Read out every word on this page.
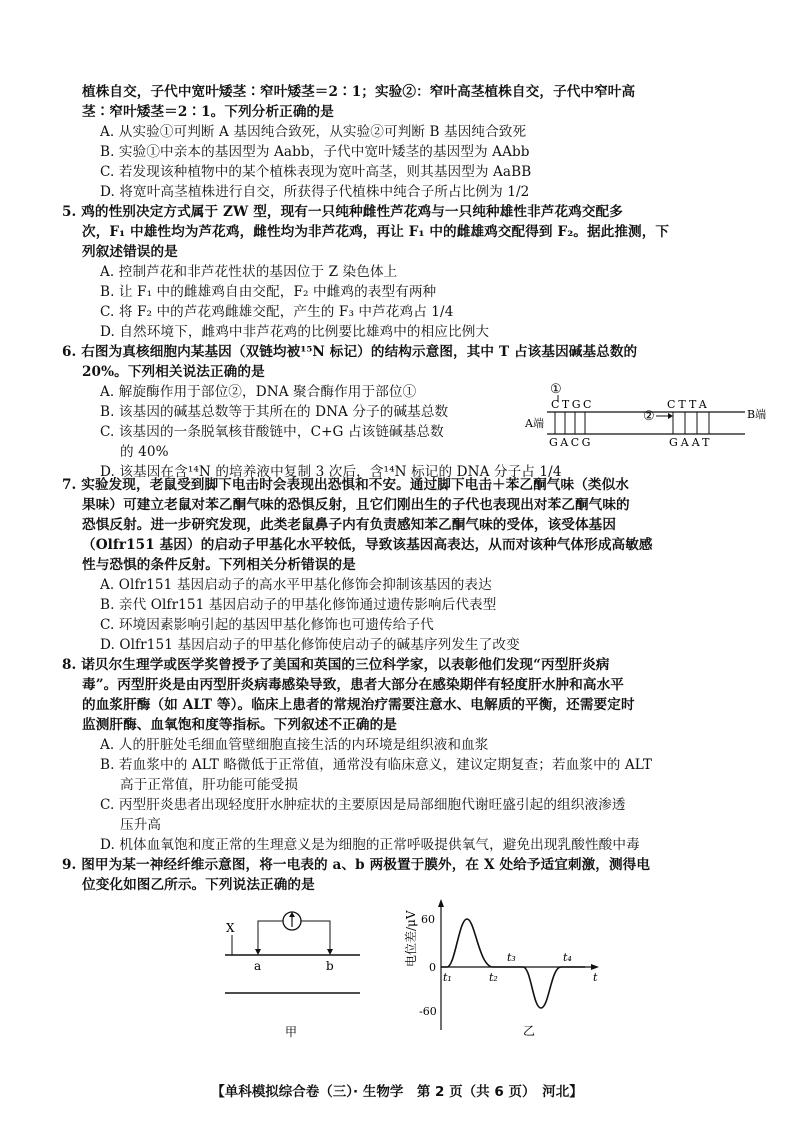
植株自交，子代中宽叶矮茎∶窄叶矮茎＝2∶1；实验②：窄叶高茎植株自交，子代中窄叶高
茎∶窄叶矮茎＝2∶1。下列分析正确的是
A. 从实验①可判断 A 基因纯合致死，从实验②可判断 B 基因纯合致死
B. 实验①中亲本的基因型为 Aabb，子代中宽叶矮茎的基因型为 AAbb
C. 若发现该种植物中的某个植株表现为宽叶高茎，则其基因型为 AaBB
D. 将宽叶高茎植株进行自交，所获得子代植株中纯合子所占比例为 1/2
5. 鸡的性别决定方式属于 ZW 型，现有一只纯种雌性芦花鸡与一只纯种雄性非芦花鸡交配多
次，F₁ 中雄性均为芦花鸡，雌性均为非芦花鸡，再让 F₁ 中的雌雄鸡交配得到 F₂。据此推测，下
列叙述错误的是
A. 控制芦花和非芦花性状的基因位于 Z 染色体上
B. 让 F₁ 中的雌雄鸡自由交配，F₂ 中雌鸡的表型有两种
C. 将 F₂ 中的芦花鸡雌雄交配，产生的 F₃ 中芦花鸡占 1/4
D. 自然环境下，雌鸡中非芦花鸡的比例要比雄鸡中的相应比例大
6. 右图为真核细胞内某基因（双链均被¹⁵N 标记）的结构示意图，其中 T 占该基因碱基总数的
20%。下列相关说法正确的是
A. 解旋酶作用于部位②，DNA 聚合酶作用于部位①
B. 该基因的碱基总数等于其所在的 DNA 分子的碱基总数
C. 该基因的一条脱氧核苷酸链中，C+G 占该链碱基总数
的 40%
D. 该基因在含¹⁴N 的培养液中复制 3 次后，含¹⁴N 标记的 DNA 分子占 1/4
①
CTGC	CTTA
A端
B端
②
GACG	GAAT
7. 实验发现，老鼠受到脚下电击时会表现出恐惧和不安。通过脚下电击＋苯乙酮气味（类似水
果味）可建立老鼠对苯乙酮气味的恐惧反射，且它们刚出生的子代也表现出对苯乙酮气味的
恐惧反射。进一步研究发现，此类老鼠鼻子内有负责感知苯乙酮气味的受体，该受体基因
（Olfr151 基因）的启动子甲基化水平较低，导致该基因高表达，从而对该种气体形成高敏感
性与恐惧的条件反射。下列相关分析错误的是
A. Olfr151 基因启动子的高水平甲基化修饰会抑制该基因的表达
B. 亲代 Olfr151 基因启动子的甲基化修饰通过遗传影响后代表型
C. 环境因素影响引起的基因甲基化修饰也可遗传给子代
D. Olfr151 基因启动子的甲基化修饰使启动子的碱基序列发生了改变
8. 诺贝尔生理学或医学奖曾授予了美国和英国的三位科学家，以表彰他们发现“丙型肝炎病
毒”。丙型肝炎是由丙型肝炎病毒感染导致，患者大部分在感染期伴有轻度肝水肿和高水平
的血浆肝酶（如 ALT 等）。临床上患者的常规治疗需要注意水、电解质的平衡，还需要定时
监测肝酶、血氧饱和度等指标。下列叙述不正确的是
A. 人的肝脏处毛细血管壁细胞直接生活的内环境是组织液和血浆
B. 若血浆中的 ALT 略微低于正常值，通常没有临床意义，建议定期复查；若血浆中的 ALT
高于正常值，肝功能可能受损
C. 丙型肝炎患者出现轻度肝水肿症状的主要原因是局部细胞代谢旺盛引起的组织液渗透
压升高
D. 机体血氧饱和度正常的生理意义是为细胞的正常呼吸提供氧气，避免出现乳酸性酸中毒
9. 图甲为某一神经纤维示意图，将一电表的 a、b 两极置于膜外，在 X 处给予适宜刺激，测得电
位变化如图乙所示。下列说法正确的是
X
a	b
甲
电位差/μV 60
0
-60
t₁	t₂
t₃	t₄
t
乙
【单科模拟综合卷（三）· 生物学　第 2 页（共 6 页）　河北】
